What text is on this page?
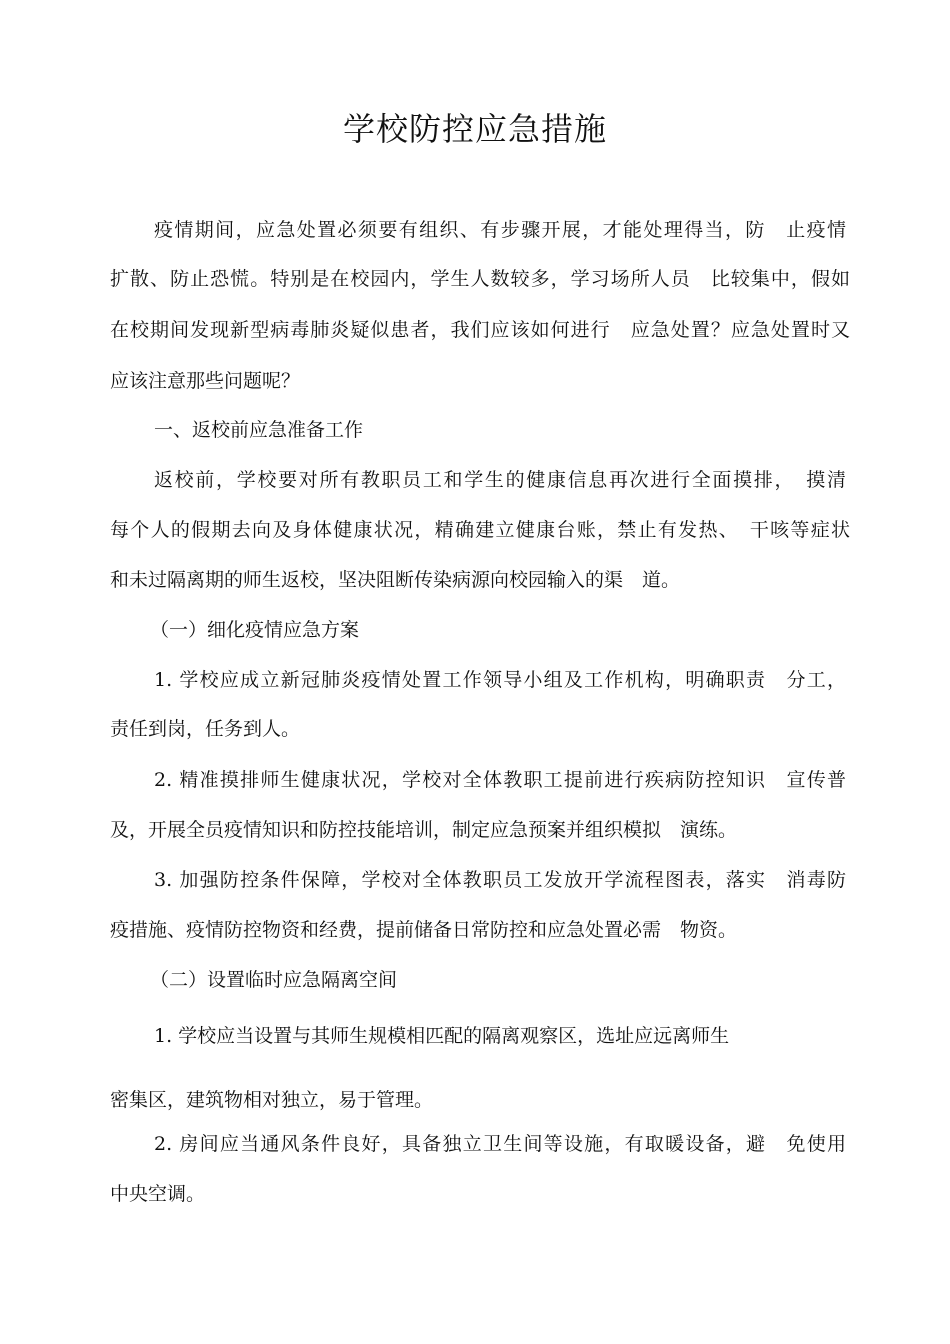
学校防控应急措施
疫情期间，应急处置必须要有组织、有步骤开展，才能处理得当，防　止疫情
扩散、防止恐慌。特别是在校园内，学生人数较多，学习场所人员　比较集中，假如
在校期间发现新型病毒肺炎疑似患者，我们应该如何进行　应急处置？应急处置时又
应该注意那些问题呢？
一、返校前应急准备工作
返校前，学校要对所有教职员工和学生的健康信息再次进行全面摸排，　摸清
每个人的假期去向及身体健康状况，精确建立健康台账，禁止有发热、　干咳等症状
和未过隔离期的师生返校，坚决阻断传染病源向校园输入的渠　道。
（一）细化疫情应急方案
1. 学校应成立新冠肺炎疫情处置工作领导小组及工作机构，明确职责　分工，
责任到岗，任务到人。
2. 精准摸排师生健康状况，学校对全体教职工提前进行疾病防控知识　宣传普
及，开展全员疫情知识和防控技能培训，制定应急预案并组织模拟　演练。
3. 加强防控条件保障，学校对全体教职员工发放开学流程图表，落实　消毒防
疫措施、疫情防控物资和经费，提前储备日常防控和应急处置必需　物资。
（二）设置临时应急隔离空间
1. 学校应当设置与其师生规模相匹配的隔离观察区，选址应远离师生
密集区，建筑物相对独立，易于管理。
2. 房间应当通风条件良好，具备独立卫生间等设施，有取暖设备，避　免使用
中央空调。
